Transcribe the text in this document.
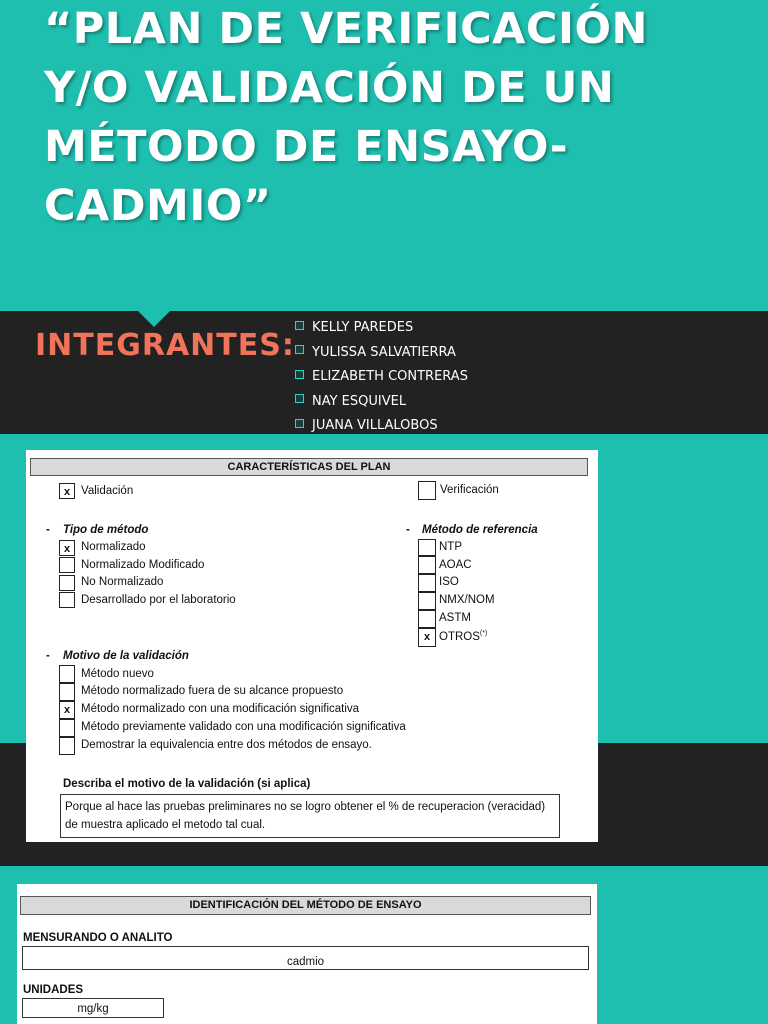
“PLAN DE VERIFICACIÓN Y/O VALIDACIÓN DE UN MÉTODO DE ENSAYO- CADMIO”
INTEGRANTES:
KELLY PAREDES
YULISSA SALVATIERRA
ELIZABETH CONTRERAS
NAY ESQUIVEL
JUANA VILLALOBOS
CARACTERÍSTICAS DEL PLAN
x Validación	Verificación
- Tipo de método
x Normalizado
Normalizado Modificado
No Normalizado
Desarrollado por el laboratorio
- Método de referencia
NTP
AOAC
ISO
NMX/NOM
ASTM
x OTROS(*)
- Motivo de la validación
Método nuevo
Método normalizado fuera de su alcance propuesto
x Método normalizado con una modificación significativa
Método previamente validado con una modificación significativa
Demostrar la equivalencia entre dos métodos de ensayo.
Describa el motivo de la validación (si aplica)
Porque al hace las pruebas preliminares no se logro obtener el % de recuperacion (veracidad) de muestra aplicado el metodo tal cual.
IDENTIFICACIÓN DEL MÉTODO DE ENSAYO
MENSURANDO O ANALITO
cadmio
UNIDADES
mg/kg
